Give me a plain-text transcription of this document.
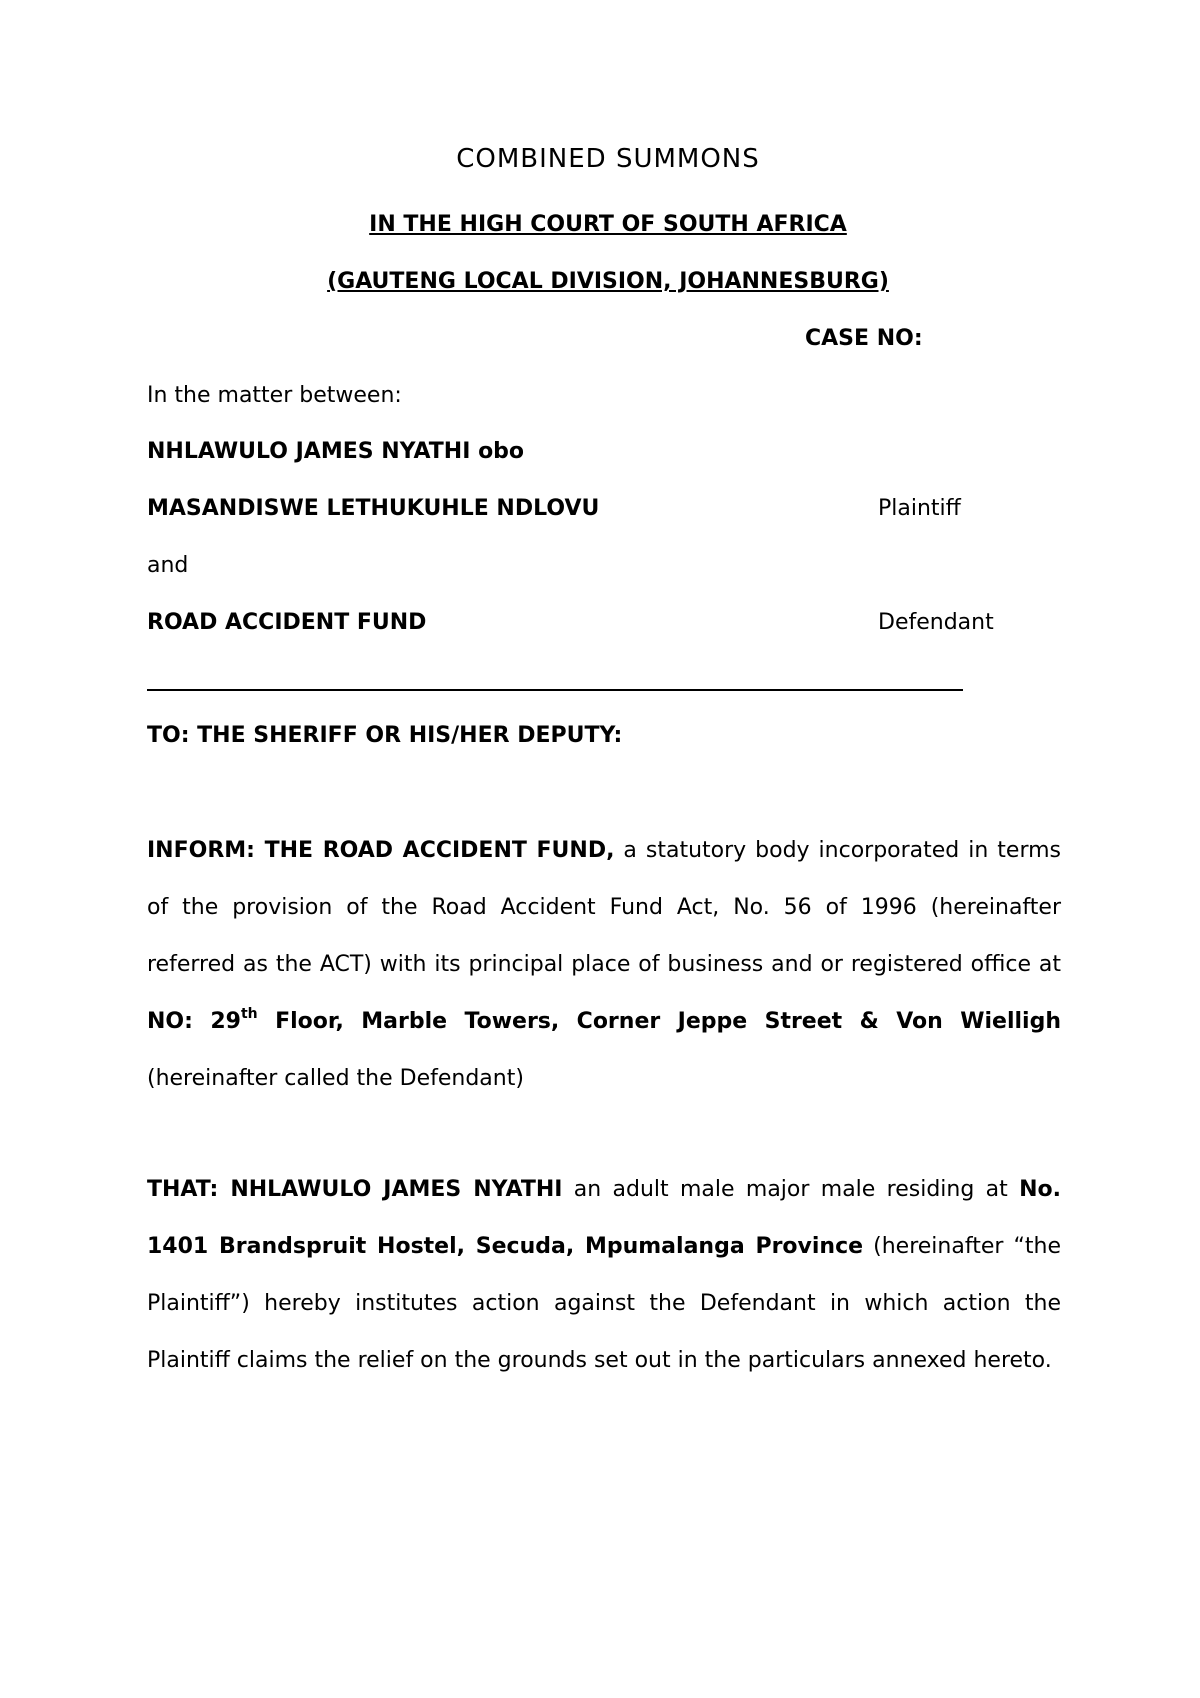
COMBINED SUMMONS
IN THE HIGH COURT OF SOUTH AFRICA
(GAUTENG LOCAL DIVISION, JOHANNESBURG)
CASE NO:
In the matter between:
NHLAWULO JAMES NYATHI obo
MASANDISWE LETHUKUHLE NDLOVU	Plaintiff
and
ROAD ACCIDENT FUND	Defendant
TO: THE SHERIFF OR HIS/HER DEPUTY:
INFORM: THE ROAD ACCIDENT FUND, a statutory body incorporated in terms of the provision of the Road Accident Fund Act, No. 56 of 1996 (hereinafter referred as the ACT) with its principal place of business and or registered office at NO: 29th Floor, Marble Towers, Corner Jeppe Street & Von Wielligh (hereinafter called the Defendant)
THAT: NHLAWULO JAMES NYATHI an adult male major male residing at No. 1401 Brandspruit Hostel, Secuda, Mpumalanga Province (hereinafter “the Plaintiff”) hereby institutes action against the Defendant in which action the Plaintiff claims the relief on the grounds set out in the particulars annexed hereto.
